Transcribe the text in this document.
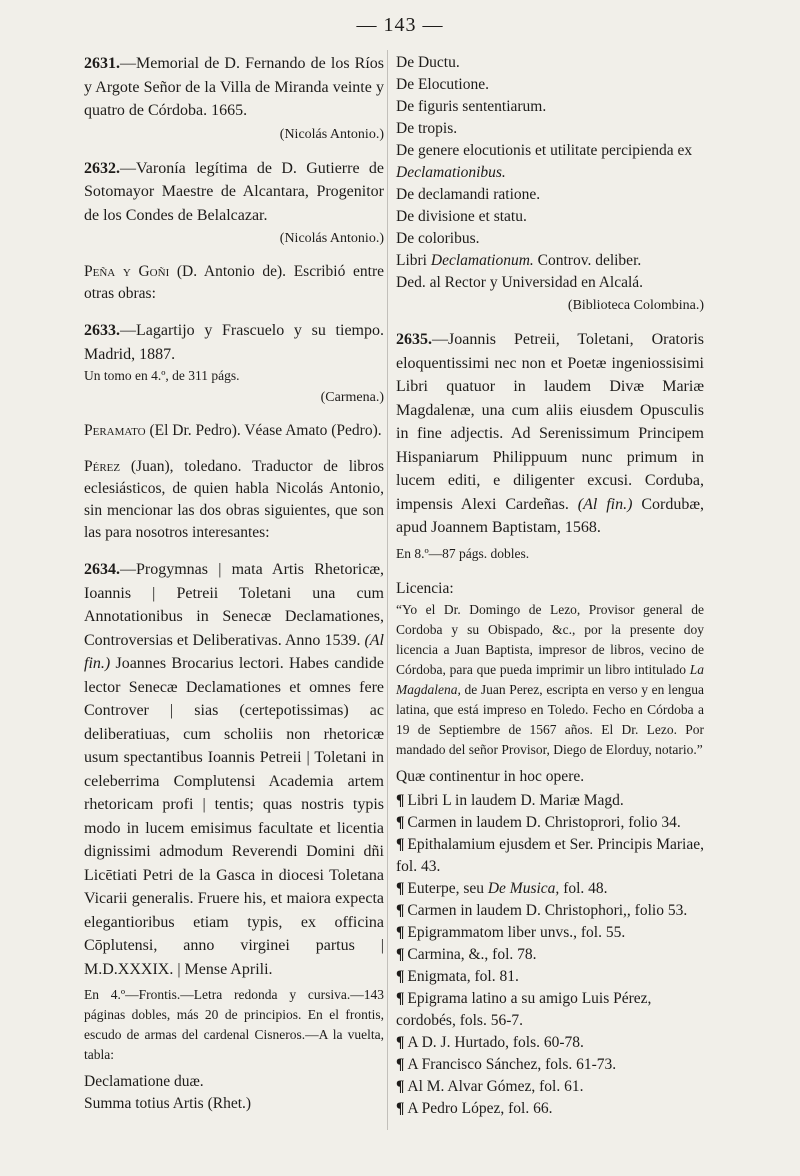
— 143 —

2631.—Memorial de D. Fernando de los Ríos y Argote Señor de la Villa de Miranda veinte y quatro de Córdoba. 1665.

(Nicolás Antonio.)

2632.—Varonía legítima de D. Gutierre de Sotomayor Maestre de Alcantara, Progenitor de los Condes de Belalcazar.

(Nicolás Antonio.)

Peña y Goñi (D. Antonio de). Escribió entre otras obras:

2633.—Lagartijo y Frascuelo y su tiempo. Madrid, 1887.

Un tomo en 4.º, de 311 págs.

(Carmena.)

Peramato (El Dr. Pedro). Véase Amato (Pedro).

Pérez (Juan), toledano. Traductor de libros eclesiásticos, de quien habla Nicolás Antonio, sin mencionar las dos obras siguientes, que son las para nosotros interesantes:

2634.—Progymnas | mata Artis Rhetoricæ, Ioannis | Petreii Toletani una cum Annotationibus in Senecæ Declamationes, Controversias et Deliberativas. Anno 1539. (Al fin.) Joannes Brocarius lectori. Habes candide lector Senecæ Declamationes et omnes fere Controver | sias (certepotissimas) ac deliberatiuas, cum scholiis non rhetoricæ usum spectantibus Ioannis Petreii | Toletani in celeberrima Complutensi Academia artem rhetoricam profi | tentis; quas nostris typis modo in lucem emisimus facultate et licentia dignissimi admodum Reverendi Domini dñi Licētiati Petri de la Gasca in diocesi Toletana Vicarii generalis. Fruere his, et maiora expecta elegantioribus etiam typis, ex officina Cōplutensi, anno virginei partus | M.D.XXXIX. | Mense Aprili.

En 4.º—Frontis.—Letra redonda y cursiva.—143 páginas dobles, más 20 de principios. En el frontis, escudo de armas del cardenal Cisneros.—A la vuelta, tabla:

Declamatione duæ.

Summa totius Artis (Rhet.)

De Ductu.

De Elocutione.

De figuris sententiarum.

De tropis.

De genere elocutionis et utilitate percipienda ex Declamationibus.

De declamandi ratione.

De divisione et statu.

De coloribus.

Libri Declamationum. Controv. deliber.

Ded. al Rector y Universidad en Alcalá.

(Biblioteca Colombina.)

2635.—Joannis Petreii, Toletani, Oratoris eloquentissimi nec non et Poetæ ingeniossisimi Libri quatuor in laudem Divæ Mariæ Magdalenæ, una cum aliis eiusdem Opusculis in fine adjectis. Ad Serenissimum Principem Hispaniarum Philippuum nunc primum in lucem editi, e diligenter excusi. Corduba, impensis Alexi Cardeñas. (Al fin.) Cordubæ, apud Joannem Baptistam, 1568.

En 8.º—87 págs. dobles.

Licencia:

“Yo el Dr. Domingo de Lezo, Provisor general de Cordoba y su Obispado, &c., por la presente doy licencia a Juan Baptista, impresor de libros, vecino de Córdoba, para que pueda imprimir un libro intitulado La Magdalena, de Juan Perez, escripta en verso y en lengua latina, que está impreso en Toledo. Fecho en Córdoba a 19 de Septiembre de 1567 años. El Dr. Lezo. Por mandado del señor Provisor, Diego de Elorduy, notario.”

Quæ continentur in hoc opere.

¶ Libri L in laudem D. Mariæ Magd.

¶ Carmen in laudem D. Christoprori, folio 34.

¶ Epithalamium ejusdem et Ser. Principis Mariae, fol. 43.

¶ Euterpe, seu De Musica, fol. 48.

¶ Carmen in laudem D. Christophori,, folio 53.

¶ Epigrammatom liber unvs., fol. 55.

¶ Carmina, &., fol. 78.

¶ Enigmata, fol. 81.

¶ Epigrama latino a su amigo Luis Pérez, cordobés, fols. 56-7.

¶ A D. J. Hurtado, fols. 60-78.

¶ A Francisco Sánchez, fols. 61-73.

¶ Al M. Alvar Gómez, fol. 61.

¶ A Pedro López, fol. 66.
